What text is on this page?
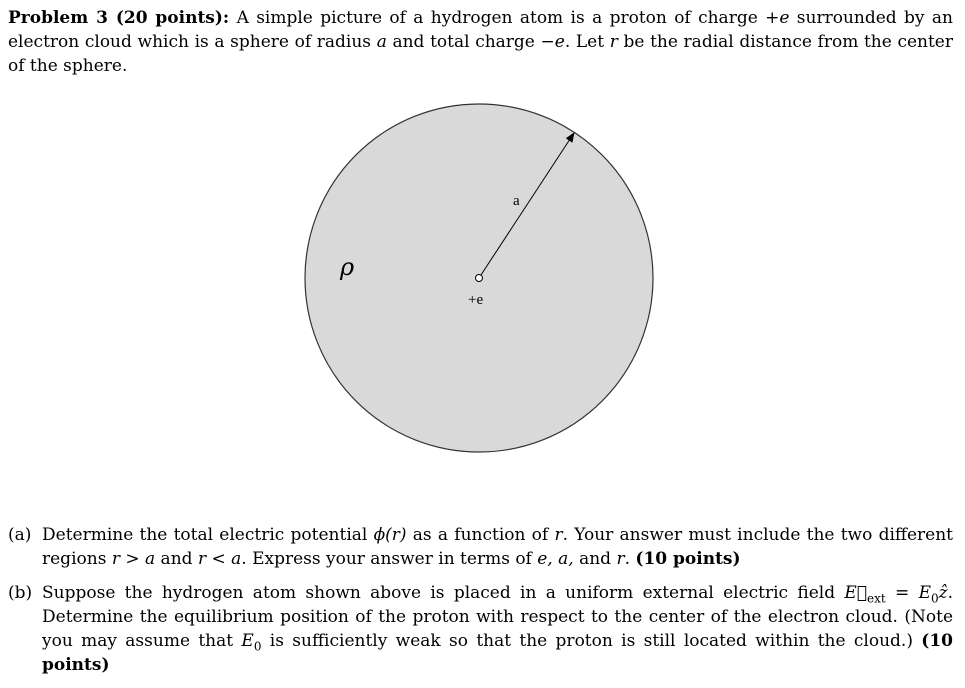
Problem 3 (20 points): A simple picture of a hydrogen atom is a proton of charge +e surrounded by an electron cloud which is a sphere of radius a and total charge −e. Let r be the radial distance from the center of the sphere.
a
ρ
+e
(a) Determine the total electric potential ϕ(r) as a function of r. Your answer must include the two different regions r > a and r < a. Express your answer in terms of e, a, and r. (10 points)
(b) Suppose the hydrogen atom shown above is placed in a uniform external electric field $E⃗_{ext}$ = $E_0ẑ$. Determine the equilibrium position of the proton with respect to the center of the electron cloud. (Note you may assume that $E_0$ is sufficiently weak so that the proton is still located within the cloud.) (10 points)
